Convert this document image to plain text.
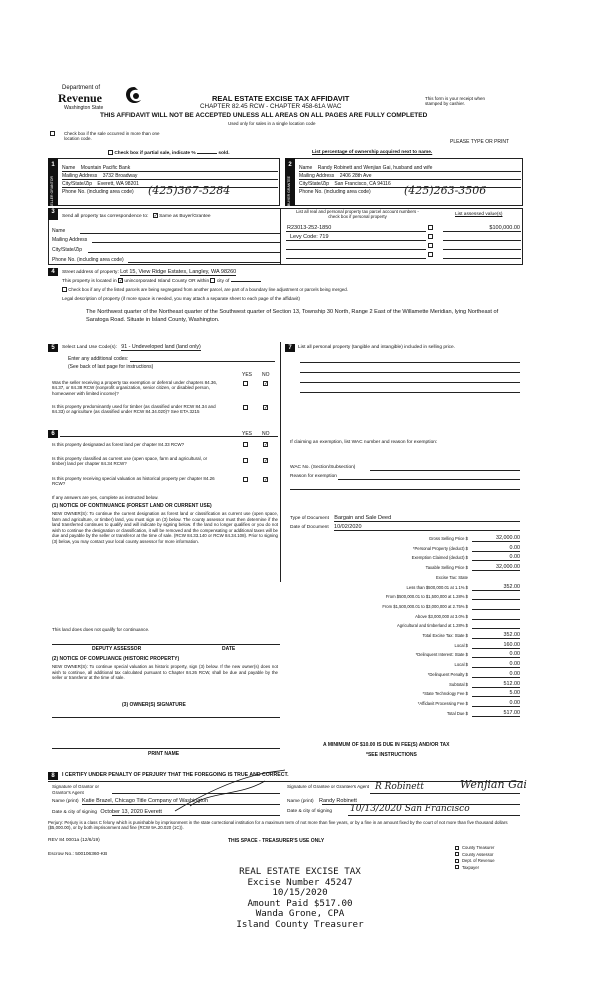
Department of
Revenue
Washington State
REAL ESTATE EXCISE TAX AFFIDAVIT
CHAPTER 82.45 RCW - CHAPTER 458-61A WAC
THIS AFFIDAVIT WILL NOT BE ACCEPTED UNLESS ALL AREAS ON ALL PAGES ARE FULLY COMPLETED
Used only for sales in a single location code
This form is your receipt when stamped by cashier.
Check box if the sale occurred in more than one location code.
PLEASE TYPE OR PRINT
Check box if partial sale, indicate %	sold.	List percentage of ownership acquired next to name.
1
SELLER GRANTOR
Name Mountain Pacific Bank
Mailing Address 3732 Broadway
City/State/Zip Everett, WA 98201
Phone No. (including area code) (425)367-5284
2
BUYER GRANTEE
Name Randy Robinett and Wenjian Gai, husband and wife
Mailing Address 2406 28th Ave
City/State/Zip San Francisco, CA 94116
Phone No. (including area code)	(425)263-3506
3
Send all property tax correspondence to: ✓ Same as Buyer/Grantee
Name
Mailing Address
City/State/Zip
Phone No. (including area code)
List all real and personal property tax parcel account numbers - check box if personal property	List assessed value(s)
R23013-252-1850	$100,000.00
Levy Code: 719
4	Street address of property: Lot 15, View Ridge Estates, Langley, WA 98260
This property is located in ✓ unincorporated Island County OR within city of
Check box if any of the listed parcels are being segregated from another parcel, are part of a boundary line adjustment or parcels being merged.
Legal description of property (if more space is needed, you may attach a separate sheet to each page of the affidavit)
The Northwest quarter of the Northeast quarter of the Southwest quarter of Section 13, Township 30 North, Range 2 East of the Willamette Meridian, lying Northeast of Saratoga Road. Situate in Island County, Washington.
5	Select Land Use Code(s): 91 - Undeveloped land (land only)
Enter any additional codes:
(See back of last page for instructions)
YES NO
Was the seller receiving a property tax exemption or deferral under chapters 84.36, 84.37, or 84.38 RCW (nonprofit organization, senior citizen, or disabled person, homeowner with limited income)?
✓
Is this property predominantly used for timber (as classified under RCW 84.34 and 84.33) or agriculture (as classified under RCW 84.34.020)? See ETA 3215
✓
6	YES NO
Is this property designated as forest land per chapter 84.33 RCW?	✓
Is this property classified as current use (open space, farm and agricultural, or timber) land per chapter 84.34 RCW?	✓
Is this property receiving special valuation as historical property per chapter 84.26 RCW?
✓
If any answers are yes, complete as instructed below.
(1) NOTICE OF CONTINUANCE (FOREST LAND OR CURRENT USE)
NEW OWNER(S): To continue the current designation as forest land or classification as current use (open space, farm and agriculture, or timber) land, you must sign on (3) below. The county assessor must then determine if the land transferred continues to qualify and will indicate by signing below. If the land no longer qualifies or you do not wish to continue the designation or classification, it will be removed and the compensating or additional taxes will be due and payable by the seller or transferor at the time of sale. (RCW 84.33.140 or RCW 84.34.108). Prior to signing (3) below, you may contact your local county assessor for more information.
This land does does not qualify for continuance.
DEPUTY ASSESSOR	DATE
(2) NOTICE OF COMPLIANCE (HISTORIC PROPERTY)
NEW OWNER(S): To continue special valuation as historic property, sign (3) below. If the new owner(s) does not wish to continue, all additional tax calculated pursuant to Chapter 84.26 RCW, shall be due and payable by the seller or transferor at the time of sale.
(3) OWNER(S) SIGNATURE
PRINT NAME
7	List all personal property (tangible and intangible) included in selling price.
If claiming an exemption, list WAC number and reason for exemption:
WAC No. (Section/Subsection)
Reason for exemption
Type of Document Bargain and Sale Deed
Date of Document 10/02/2020
Gross Selling Price $	32,000.00
*Personal Property (deduct) $	0.00
Exemption Claimed (deduct) $	0.00
Taxable Selling Price $	32,000.00
Excise Tax: State
Less than $500,000.01 at 1.1% $	352.00
From $500,000.01 to $1,500,000 at 1.28% $
From $1,500,000.01 to $3,000,000 at 2.75% $
Above $3,000,000 at 3.0% $
Agricultural and timberland at 1.28% $
Total Excise Tax: State $	352.00
Local $	160.00
*Delinquent Interest: State $	0.00
Local $	0.00
*Delinquent Penalty $	0.00
Subtotal $	512.00
*State Technology Fee $	5.00
*Affidavit Processing Fee $	0.00
Total Due $	517.00
A MINIMUM OF $10.00 IS DUE IN FEE(S) AND/OR TAX
*SEE INSTRUCTIONS
8	I CERTIFY UNDER PENALTY OF PERJURY THAT THE FOREGOING IS TRUE AND CORRECT.
Signature of Grantor or Grantor's Agent
Signature of Grantee or Grantee's Agent R Robinett	Wenjian Gai
Name (print) Katie Brazel, Chicago Title Company of Washington	Name (print) Randy Robinett
Date & city of signing October 13, 2020 Everett	Date & city of signing 10/13/2020 San Francisco
Perjury: Perjury is a class C felony which is punishable by imprisonment in the state correctional institution for a maximum term of not more than five years, or by a fine in an amount fixed by the court of not more than five thousand dollars ($5,000.00), or by both imprisonment and fine (RCW 9A.20.020 (1C)).
REV 84 0001a (12/6/19)	THIS SPACE - TREASURER'S USE ONLY
Escrow No.: 500106360-KB
County Treasurer
County Assessor
Dept. of Revenue
Taxpayer
REAL ESTATE EXCISE TAX
Excise Number 45247
10/15/2020
Amount Paid $517.00
Wanda Grone, CPA
Island County Treasurer
